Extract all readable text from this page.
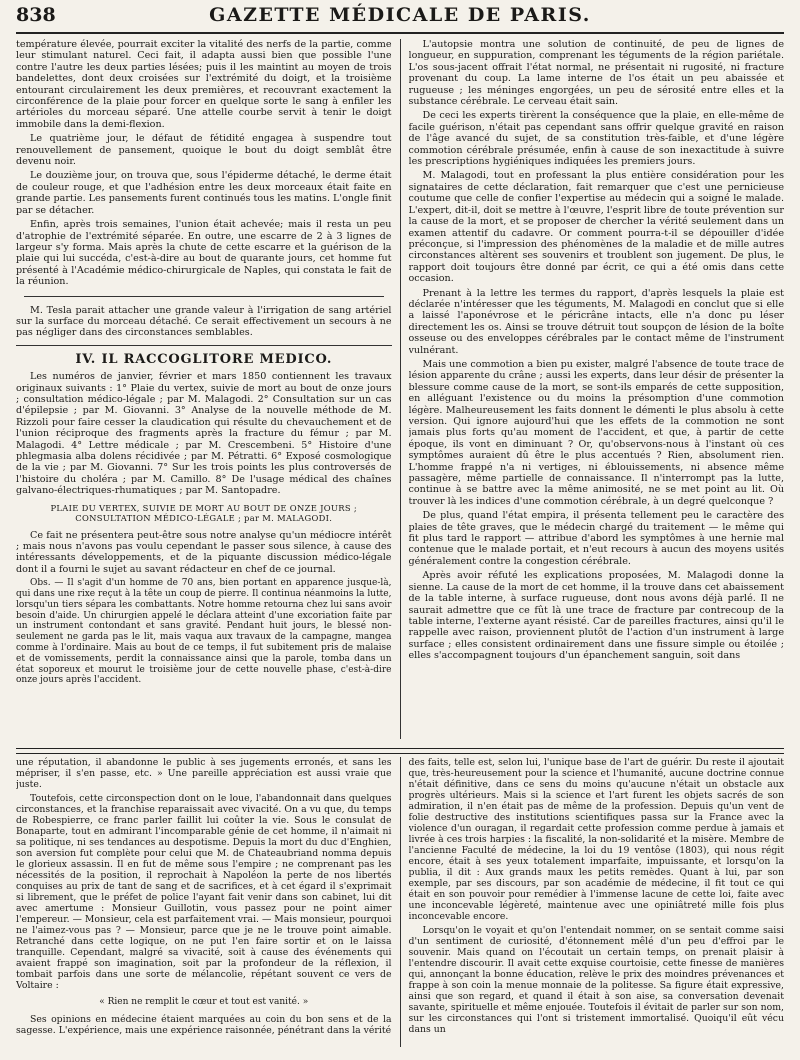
838	GAZETTE MÉDICALE DE PARIS.

température élevée, pourrait exciter la vitalité des nerfs de la partie, comme leur stimulant naturel. Ceci fait, il adapta aussi bien que possible l'une contre l'autre les deux parties lésées; puis il les maintint au moyen de trois bandelettes, dont deux croisées sur l'extrémité du doigt, et la troisième entourant circulairement les deux premières, et recouvrant exactement la circonférence de la plaie pour forcer en quelque sorte le sang à enfiler les artérioles du morceau séparé. Une attelle courbe servit à tenir le doigt immobile dans la demi-flexion.

Le quatrième jour, le défaut de fétidité engagea à suspendre tout renouvellement de pansement, quoique le bout du doigt semblât être devenu noir.

Le douzième jour, on trouva que, sous l'épiderme détaché, le derme était de couleur rouge, et que l'adhésion entre les deux morceaux était faite en grande partie. Les pansements furent continués tous les matins. L'ongle finit par se détacher.

Enfin, après trois semaines, l'union était achevée; mais il resta un peu d'atrophie de l'extrémité séparée. En outre, une escarre de 2 à 3 lignes de largeur s'y forma. Mais après la chute de cette escarre et la guérison de la plaie qui lui succéda, c'est-à-dire au bout de quarante jours, cet homme fut présenté à l'Académie médico-chirurgicale de Naples, qui constata le fait de la réunion.

M. Tesla parait attacher une grande valeur à l'irrigation de sang artériel sur la surface du morceau détaché. Ce serait effectivement un secours à ne pas négliger dans des circonstances semblables.

IV. IL RACCOGLITORE MEDICO.

Les numéros de janvier, février et mars 1850 contiennent les travaux originaux suivants : 1° Plaie du vertex, suivie de mort au bout de onze jours ; consultation médico-légale ; par M. Malagodi. 2° Consultation sur un cas d'épilepsie ; par M. Giovanni. 3° Analyse de la nouvelle méthode de M. Rizzoli pour faire cesser la claudication qui résulte du chevauchement et de l'union réciproque des fragments après la fracture du fémur ; par M. Malagodi. 4° Lettre médicale ; par M. Crescembeni. 5° Histoire d'une phlegmasia alba dolens récidivée ; par M. Pétratti. 6° Exposé cosmologique de la vie ; par M. Giovanni. 7° Sur les trois points les plus controversés de l'histoire du choléra ; par M. Camillo. 8° De l'usage médical des chaînes galvano-électriques-rhumatiques ; par M. Santopadre.

PLAIE DU VERTEX, SUIVIE DE MORT AU BOUT DE ONZE JOURS ; CONSULTATION MÉDICO-LÉGALE ; par M. MALAGODI.

Ce fait ne présentera peut-être sous notre analyse qu'un médiocre intérêt ; mais nous n'avons pas voulu cependant le passer sous silence, à cause des intéressants développements, et de la piquante discussion médico-légale dont il a fourni le sujet au savant rédacteur en chef de ce journal.

Obs. — Il s'agit d'un homme de 70 ans, bien portant en apparence jusque-là, qui dans une rixe reçut à la tête un coup de pierre. Il continua néanmoins la lutte, lorsqu'un tiers sépara les combattants. Notre homme retourna chez lui sans avoir besoin d'aide. Un chirurgien appelé le déclara atteint d'une excoriation faite par un instrument contondant et sans gravité. Pendant huit jours, le blessé non-seulement ne garda pas le lit, mais vaqua aux travaux de la campagne, mangea comme à l'ordinaire. Mais au bout de ce temps, il fut subitement pris de malaise et de vomissements, perdit la connaissance ainsi que la parole, tomba dans un état soporeux et mourut le troisième jour de cette nouvelle phase, c'est-à-dire onze jours après l'accident.

L'autopsie montra une solution de continuité, de peu de lignes de longueur, en suppuration, comprenant les téguments de la région pariétale. L'os sous-jacent offrait l'état normal, ne présentait ni rugosité, ni fracture provenant du coup. La lame interne de l'os était un peu abaissée et rugueuse ; les méninges engorgées, un peu de sérosité entre elles et la substance cérébrale. Le cerveau était sain.

De ceci les experts tirèrent la conséquence que la plaie, en elle-même de facile guérison, n'était pas cependant sans offrir quelque gravité en raison de l'âge avancé du sujet, de sa constitution très-faible, et d'une légère commotion cérébrale présumée, enfin à cause de son inexactitude à suivre les prescriptions hygiéniques indiquées les premiers jours.

M. Malagodi, tout en professant la plus entière considération pour les signataires de cette déclaration, fait remarquer que c'est une pernicieuse coutume que celle de confier l'expertise au médecin qui a soigné le malade. L'expert, dit-il, doit se mettre à l'œuvre, l'esprit libre de toute prévention sur la cause de la mort, et se proposer de chercher la vérité seulement dans un examen attentif du cadavre. Or comment pourra-t-il se dépouiller d'idée préconçue, si l'impression des phénomènes de la maladie et de mille autres circonstances altèrent ses souvenirs et troublent son jugement. De plus, le rapport doit toujours être donné par écrit, ce qui a été omis dans cette occasion.

Prenant à la lettre les termes du rapport, d'après lesquels la plaie est déclarée n'intéresser que les téguments, M. Malagodi en conclut que si elle a laissé l'aponévrose et le péricrâne intacts, elle n'a donc pu léser directement les os. Ainsi se trouve détruit tout soupçon de lésion de la boîte osseuse ou des enveloppes cérébrales par le contact même de l'instrument vulnérant.

Mais une commotion a bien pu exister, malgré l'absence de toute trace de lésion apparente du crâne ; aussi les experts, dans leur désir de présenter la blessure comme cause de la mort, se sont-ils emparés de cette supposition, en alléguant l'existence ou du moins la présomption d'une commotion légère. Malheureusement les faits donnent le démenti le plus absolu à cette version. Qui ignore aujourd'hui que les effets de la commotion ne sont jamais plus forts qu'au moment de l'accident, et que, à partir de cette époque, ils vont en diminuant ? Or, qu'observons-nous à l'instant où ces symptômes auraient dû être le plus accentués ? Rien, absolument rien. L'homme frappé n'a ni vertiges, ni éblouissements, ni absence même passagère, même partielle de connaissance. Il n'interrompt pas la lutte, continue à se battre avec la même animosité, ne se met point au lit. Où trouver là les indices d'une commotion cérébrale, à un degré quelconque ?

De plus, quand l'état empira, il présenta tellement peu le caractère des plaies de tête graves, que le médecin chargé du traitement — le même qui fit plus tard le rapport — attribue d'abord les symptômes à une hernie mal contenue que le malade portait, et n'eut recours à aucun des moyens usités généralement contre la congestion cérébrale.

Après avoir réfuté les explications proposées, M. Malagodi donne la sienne. La cause de la mort de cet homme, il la trouve dans cet abaissement de la table interne, à surface rugueuse, dont nous avons déjà parlé. Il ne saurait admettre que ce fût là une trace de fracture par contrecoup de la table interne, l'externe ayant résisté. Car de pareilles fractures, ainsi qu'il le rappelle avec raison, proviennent plutôt de l'action d'un instrument à large surface ; elles consistent ordinairement dans une fissure simple ou étoilée ; elles s'accompagnent toujours d'un épanchement sanguin, soit dans

une réputation, il abandonne le public à ses jugements erronés, et sans les mépriser, il s'en passe, etc. » Une pareille appréciation est aussi vraie que juste.

Toutefois, cette circonspection dont on le loue, l'abandonnait dans quelques circonstances, et la franchise reparaissait avec vivacité. On a vu que, du temps de Robespierre, ce franc parler faillit lui coûter la vie. Sous le consulat de Bonaparte, tout en admirant l'incomparable génie de cet homme, il n'aimait ni sa politique, ni ses tendances au despotisme. Depuis la mort du duc d'Enghien, son aversion fut complète pour celui que M. de Chateaubriand nomma depuis le glorieux assassin. Il en fut de même sous l'empire ; ne comprenant pas les nécessités de la position, il reprochait à Napoléon la perte de nos libertés conquises au prix de tant de sang et de sacrifices, et à cet égard il s'exprimait si librement, que le préfet de police l'ayant fait venir dans son cabinet, lui dit avec amertume : Monsieur Guillotin, vous passez pour ne point aimer l'empereur. — Monsieur, cela est parfaitement vrai. — Mais monsieur, pourquoi ne l'aimez-vous pas ? — Monsieur, parce que je ne le trouve point aimable. Retranché dans cette logique, on ne put l'en faire sortir et on le laissa tranquille. Cependant, malgré sa vivacité, soit à cause des événements qui avaient frappé son imagination, soit par la profondeur de la réflexion, il tombait parfois dans une sorte de mélancolie, répétant souvent ce vers de Voltaire :

« Rien ne remplit le cœur et tout est vanité. »

Ses opinions en médecine étaient marquées au coin du bon sens et de la sagesse. L'expérience, mais une expérience raisonnée, pénétrant dans la vérité

des faits, telle est, selon lui, l'unique base de l'art de guérir. Du reste il ajoutait que, très-heureusement pour la science et l'humanité, aucune doctrine connue n'était définitive, dans ce sens du moins qu'aucune n'était un obstacle aux progrès ultérieurs. Mais si la science et l'art furent les objets sacrés de son admiration, il n'en était pas de même de la profession. Depuis qu'un vent de folie destructive des institutions scientifiques passa sur la France avec la violence d'un ouragan, il regardait cette profession comme perdue à jamais et livrée à ces trois harpies : la fiscalité, la non-solidarité et la misère. Membre de l'ancienne Faculté de médecine, la loi du 19 ventôse (1803), qui nous régit encore, était à ses yeux totalement imparfaite, impuissante, et lorsqu'on la publia, il dit : Aux grands maux les petits remèdes. Quant à lui, par son exemple, par ses discours, par son académie de médecine, il fit tout ce qui était en son pouvoir pour remédier à l'immense lacune de cette loi, faite avec une inconcevable légèreté, maintenue avec une opiniâtreté mille fois plus inconcevable encore.

Lorsqu'on le voyait et qu'on l'entendait nommer, on se sentait comme saisi d'un sentiment de curiosité, d'étonnement mêlé d'un peu d'effroi par le souvenir. Mais quand on l'écoutait un certain temps, on prenait plaisir à l'entendre discourir. Il avait cette exquise courtoisie, cette finesse de manières qui, annonçant la bonne éducation, relève le prix des moindres prévenances et frappe à son coin la menue monnaie de la politesse. Sa figure était expressive, ainsi que son regard, et quand il était à son aise, sa conversation devenait savante, spirituelle et même enjouée. Toutefois il évitait de parler sur son nom, sur les circonstances qui l'ont si tristement immortalisé. Quoiqu'il eût vécu dans un
